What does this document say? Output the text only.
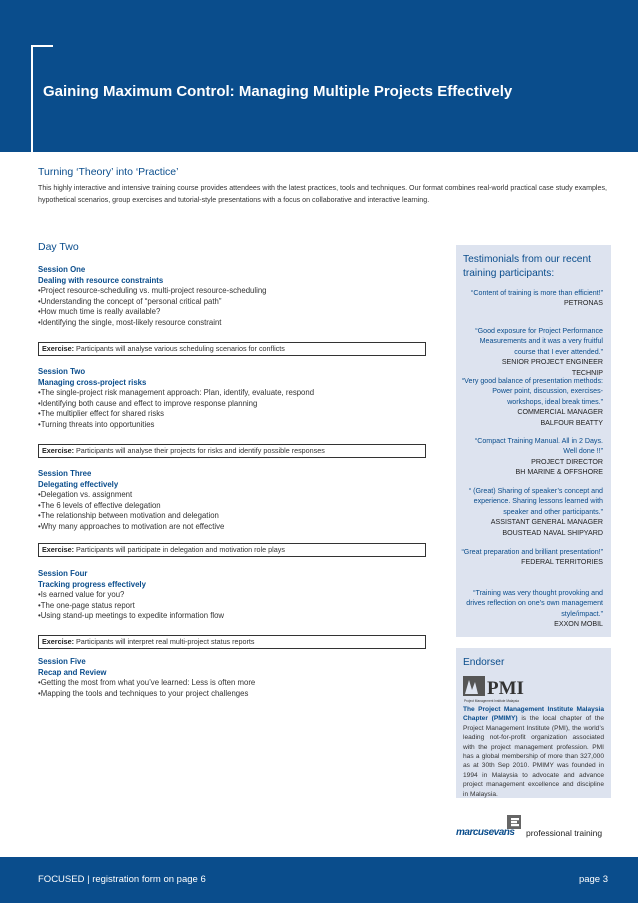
Gaining Maximum Control: Managing Multiple Projects Effectively
Turning ‘Theory’ into ‘Practice’
This highly interactive and intensive training course provides attendees with the latest practices, tools and techniques. Our format combines real-world practical case study examples, hypothetical scenarios, group exercises and tutorial-style presentations with a focus on collaborative and interactive learning.
Day Two
Session One
Dealing with resource constraints
•Project resource-scheduling vs. multi-project resource-scheduling
•Understanding the concept of “personal critical path”
•How much time is really available?
•Identifying the single, most-likely resource constraint
Exercise: Participants will analyse various scheduling scenarios for conflicts
Session Two
Managing cross-project risks
•The single-project risk management approach: Plan, identify, evaluate, respond
•Identifying both cause and effect to improve response planning
•The multiplier effect for shared risks
•Turning threats into opportunities
Exercise: Participants will analyse their projects for risks and identify possible responses
Session Three
Delegating effectively
•Delegation vs. assignment
•The 6 levels of effective delegation
•The relationship between motivation and delegation
•Why many approaches to motivation are not effective
Exercise: Participants will participate in delegation and motivation role plays
Session Four
Tracking progress effectively
•Is earned value for you?
•The one-page status report
•Using stand-up meetings to expedite information flow
Exercise: Participants will interpret real multi-project status reports
Session Five
Recap and Review
•Getting the most from what you’ve learned: Less is often more
•Mapping the tools and techniques to your project challenges
Testimonials from our recent training participants:
“Content of training is more than efficient!”
PETRONAS
“Good exposure for Project Performance Measurements and it was a very fruitful course that I ever attended.”
SENIOR PROJECT ENGINEER
TECHNIP
“Very good balance of presentation methods: Power point, discussion, exercises-workshops, ideal break times.”
COMMERCIAL MANAGER
BALFOUR BEATTY
“Compact Training Manual. All in 2 Days. Well done !!”
PROJECT DIRECTOR
BH MARINE & OFFSHORE
“ (Great) Sharing of speaker’s concept and experience. Sharing lessons learned with speaker and other participants.”
ASSISTANT GENERAL MANAGER
BOUSTEAD NAVAL SHIPYARD
“Great preparation and brilliant presentation!”
FEDERAL TERRITORIES
“Training was very thought provoking and drives reflection on one’s own management style/impact.”
EXXON MOBIL
Endorser
PMI
Project Management Institute Malaysia
The Project Management Institute Malaysia Chapter (PMIMY) is the local chapter of the Project Management Institute (PMI), the world’s leading not-for-profit organization associated with the project management profession. PMI has a global membership of more than 327,000 as at 30th Sep 2010. PMIMY was founded in 1994 in Malaysia to advocate and advance project management excellence and discipline in Malaysia.
marcusevans professional training
FOCUSED | registration form on page 6	page 3
